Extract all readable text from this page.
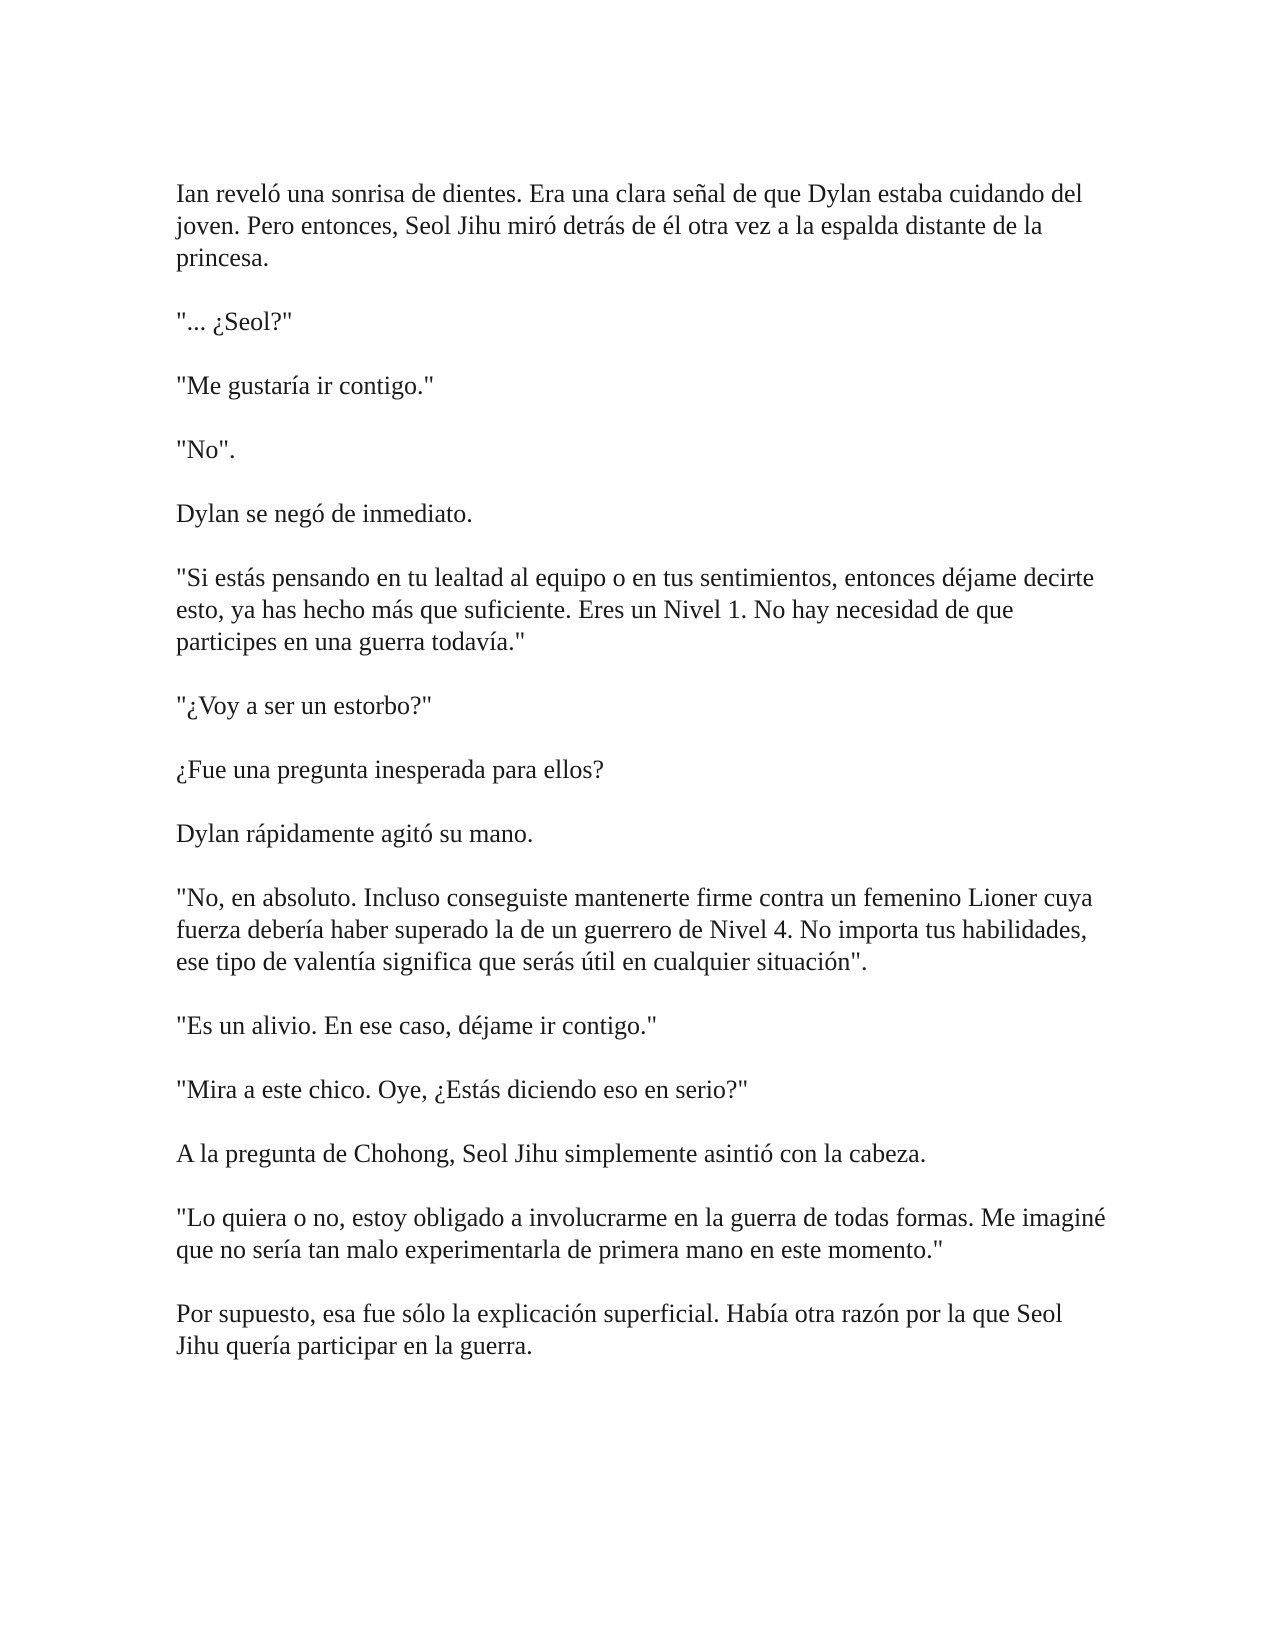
Ian reveló una sonrisa de dientes. Era una clara señal de que Dylan estaba cuidando del joven. Pero entonces, Seol Jihu miró detrás de él otra vez a la espalda distante de la princesa.

"... ¿Seol?"

"Me gustaría ir contigo."

"No".

Dylan se negó de inmediato.

"Si estás pensando en tu lealtad al equipo o en tus sentimientos, entonces déjame decirte esto, ya has hecho más que suficiente. Eres un Nivel 1. No hay necesidad de que participes en una guerra todavía."

"¿Voy a ser un estorbo?"

¿Fue una pregunta inesperada para ellos?

Dylan rápidamente agitó su mano.

"No, en absoluto. Incluso conseguiste mantenerte firme contra un femenino Lioner cuya fuerza debería haber superado la de un guerrero de Nivel 4. No importa tus habilidades, ese tipo de valentía significa que serás útil en cualquier situación".

"Es un alivio. En ese caso, déjame ir contigo."

"Mira a este chico. Oye, ¿Estás diciendo eso en serio?"

A la pregunta de Chohong, Seol Jihu simplemente asintió con la cabeza.

"Lo quiera o no, estoy obligado a involucrarme en la guerra de todas formas. Me imaginé que no sería tan malo experimentarla de primera mano en este momento."

Por supuesto, esa fue sólo la explicación superficial. Había otra razón por la que Seol Jihu quería participar en la guerra.
